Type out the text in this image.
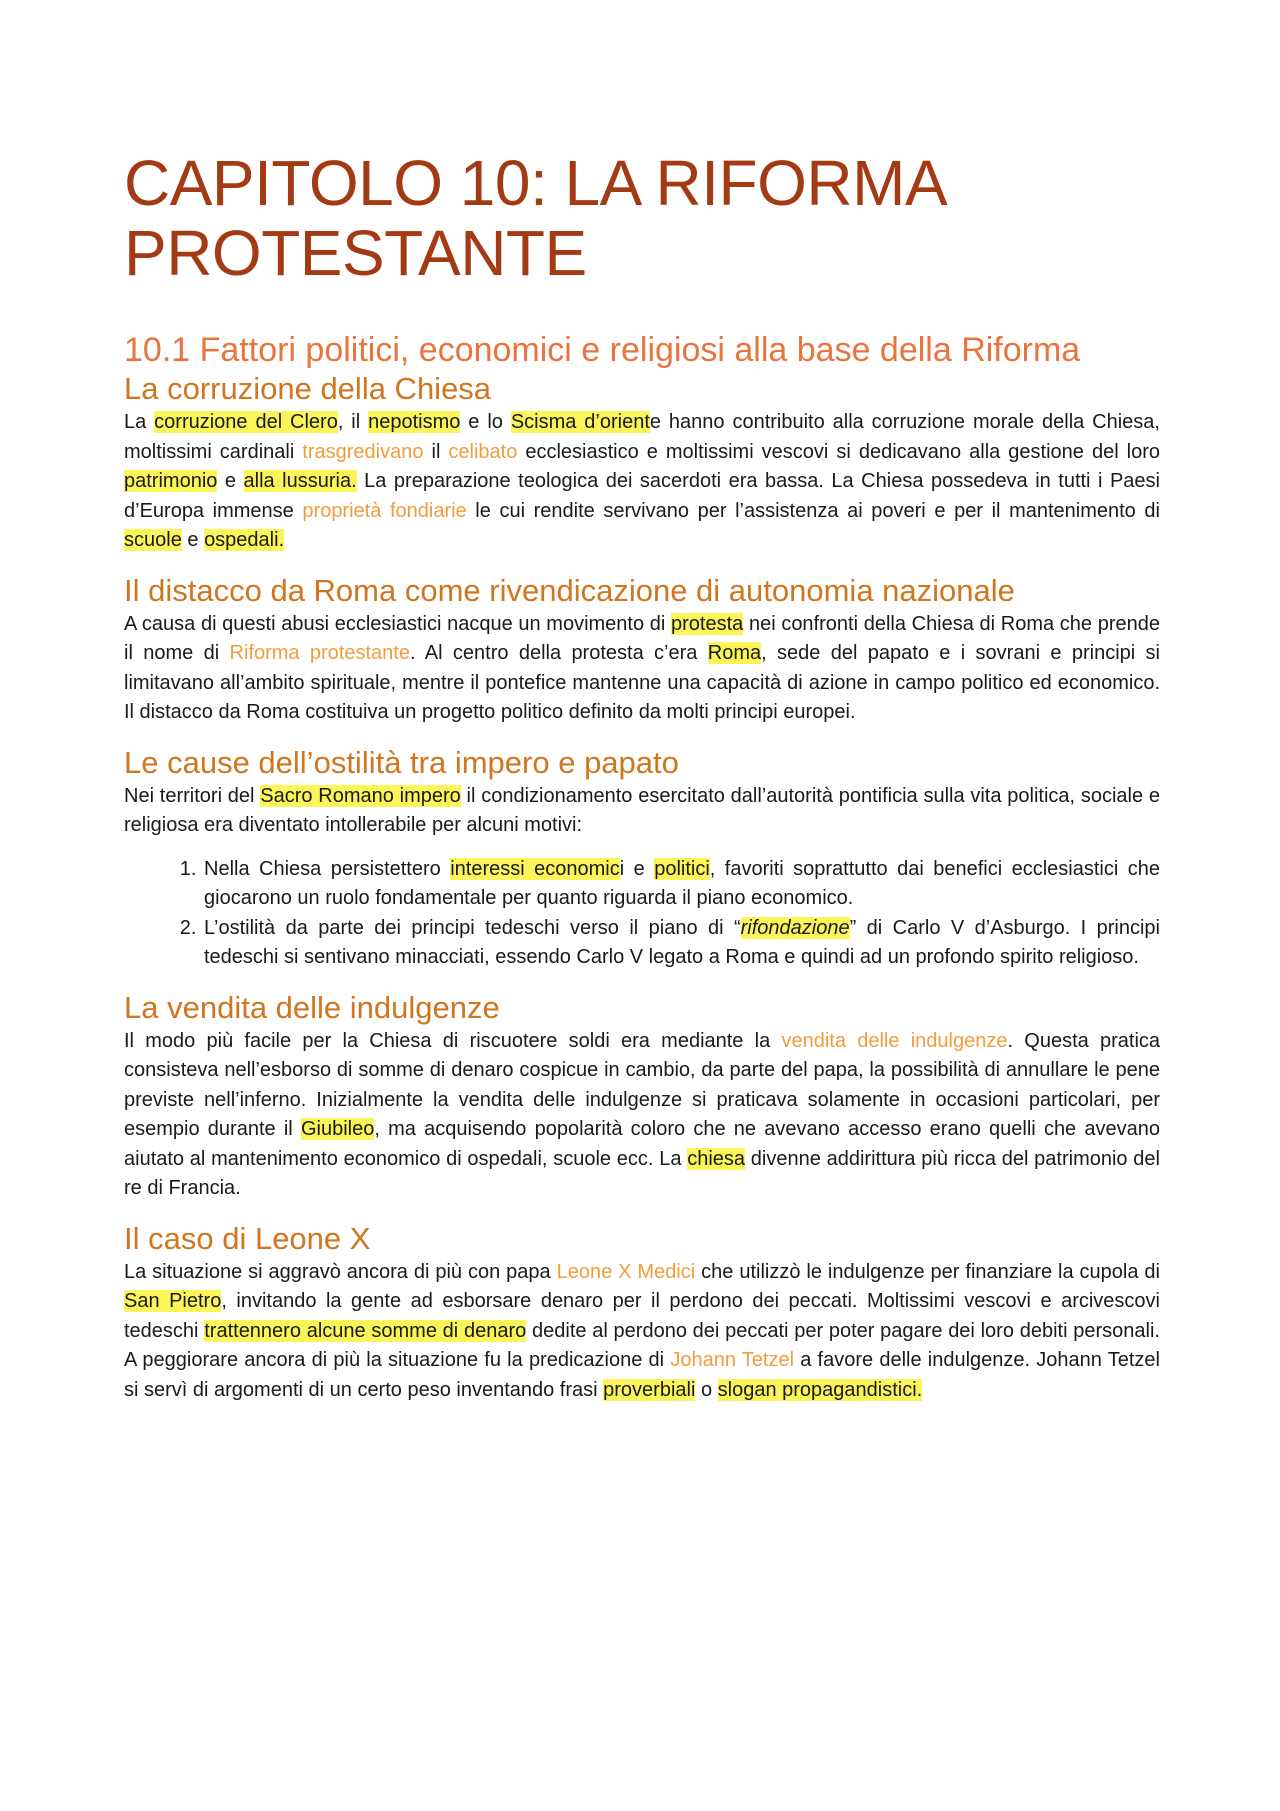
CAPITOLO 10: LA RIFORMA PROTESTANTE
10.1 Fattori politici, economici e religiosi alla base della Riforma
La corruzione della Chiesa

La corruzione del Clero, il nepotismo e lo Scisma d’oriente hanno contribuito alla corruzione morale della Chiesa, moltissimi cardinali trasgredivano il celibato ecclesiastico e moltissimi vescovi si dedicavano alla gestione del loro patrimonio e alla lussuria. La preparazione teologica dei sacerdoti era bassa. La Chiesa possedeva in tutti i Paesi d’Europa immense proprietà fondiarie le cui rendite servivano per l’assistenza ai poveri e per il mantenimento di scuole e ospedali.

Il distacco da Roma come rivendicazione di autonomia nazionale

A causa di questi abusi ecclesiastici nacque un movimento di protesta nei confronti della Chiesa di Roma che prende il nome di Riforma protestante. Al centro della protesta c’era Roma, sede del papato e i sovrani e principi si limitavano all’ambito spirituale, mentre il pontefice mantenne una capacità di azione in campo politico ed economico. Il distacco da Roma costituiva un progetto politico definito da molti principi europei.

Le cause dell’ostilità tra impero e papato

Nei territori del Sacro Romano impero il condizionamento esercitato dall’autorità pontificia sulla vita politica, sociale e religiosa era diventato intollerabile per alcuni motivi:

1. Nella Chiesa persistettero interessi economici e politici, favoriti soprattutto dai benefici ecclesiastici che giocarono un ruolo fondamentale per quanto riguarda il piano economico.
2. L’ostilità da parte dei principi tedeschi verso il piano di “rifondazione” di Carlo V d’Asburgo. I principi tedeschi si sentivano minacciati, essendo Carlo V legato a Roma e quindi ad un profondo spirito religioso.
La vendita delle indulgenze

Il modo più facile per la Chiesa di riscuotere soldi era mediante la vendita delle indulgenze. Questa pratica consisteva nell’esborso di somme di denaro cospicue in cambio, da parte del papa, la possibilità di annullare le pene previste nell’inferno. Inizialmente la vendita delle indulgenze si praticava solamente in occasioni particolari, per esempio durante il Giubileo, ma acquisendo popolarità coloro che ne avevano accesso erano quelli che avevano aiutato al mantenimento economico di ospedali, scuole ecc. La chiesa divenne addirittura più ricca del patrimonio del re di Francia.

Il caso di Leone X

La situazione si aggravò ancora di più con papa Leone X Medici che utilizzò le indulgenze per finanziare la cupola di San Pietro, invitando la gente ad esborsare denaro per il perdono dei peccati. Moltissimi vescovi e arcivescovi tedeschi trattennero alcune somme di denaro dedite al perdono dei peccati per poter pagare dei loro debiti personali. A peggiorare ancora di più la situazione fu la predicazione di Johann Tetzel a favore delle indulgenze. Johann Tetzel si servì di argomenti di un certo peso inventando frasi proverbiali o slogan propagandistici.
